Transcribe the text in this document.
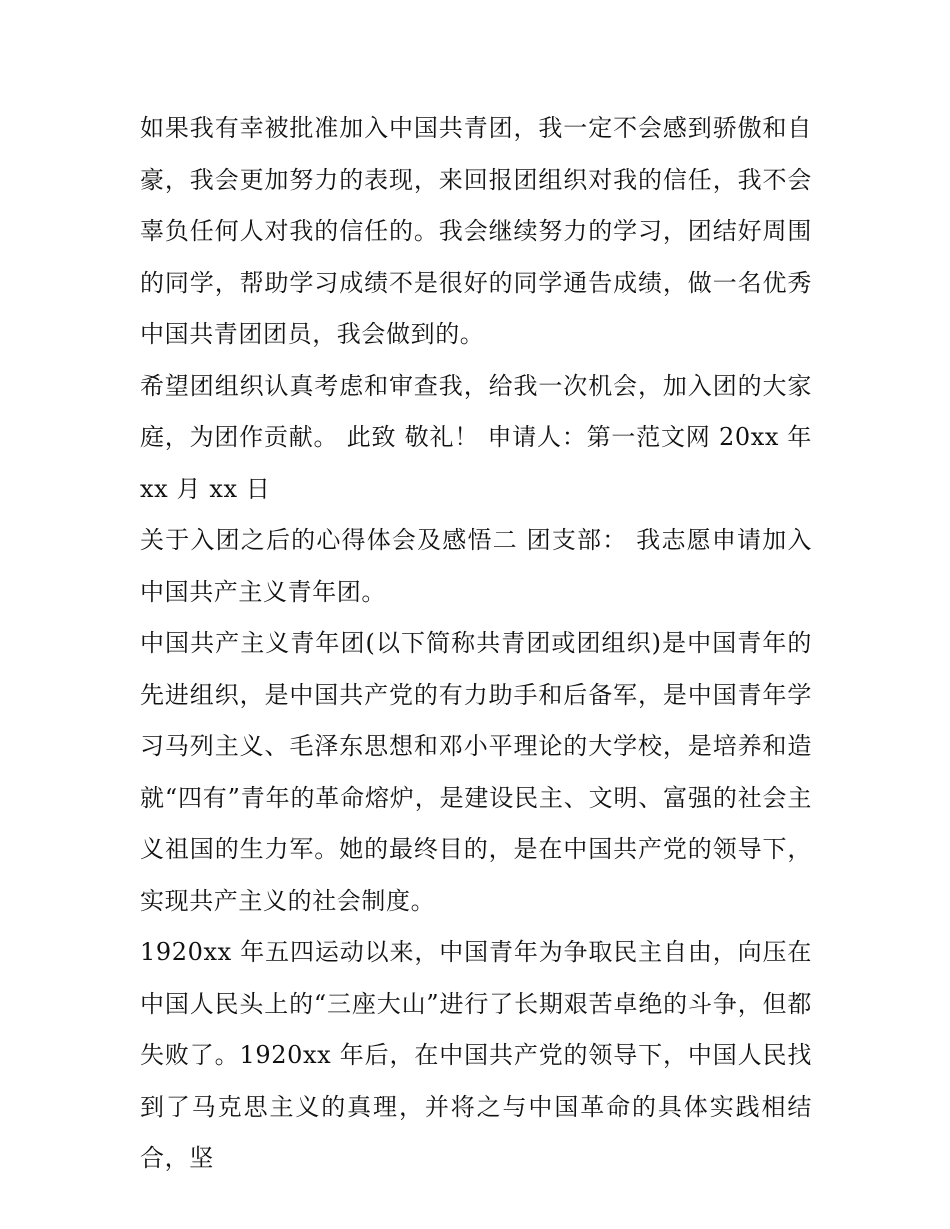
如果我有幸被批准加入中国共青团，我一定不会感到骄傲和自豪，我会更加努力的表现，来回报团组织对我的信任，我不会辜负任何人对我的信任的。我会继续努力的学习，团结好周围的同学，帮助学习成绩不是很好的同学通告成绩，做一名优秀中国共青团团员，我会做到的。

希望团组织认真考虑和审查我，给我一次机会，加入团的大家庭，为团作贡献。 此致 敬礼！ 申请人：第一范文网 20xx 年 xx 月 xx 日

关于入团之后的心得体会及感悟二 团支部： 我志愿申请加入中国共产主义青年团。

中国共产主义青年团(以下简称共青团或团组织)是中国青年的先进组织，是中国共产党的有力助手和后备军，是中国青年学习马列主义、毛泽东思想和邓小平理论的大学校，是培养和造就“四有”青年的革命熔炉，是建设民主、文明、富强的社会主义祖国的生力军。她的最终目的，是在中国共产党的领导下，实现共产主义的社会制度。

1920xx 年五四运动以来，中国青年为争取民主自由，向压在中国人民头上的“三座大山”进行了长期艰苦卓绝的斗争，但都失败了。1920xx 年后，在中国共产党的领导下，中国人民找到了马克思主义的真理，并将之与中国革命的具体实践相结合，坚
